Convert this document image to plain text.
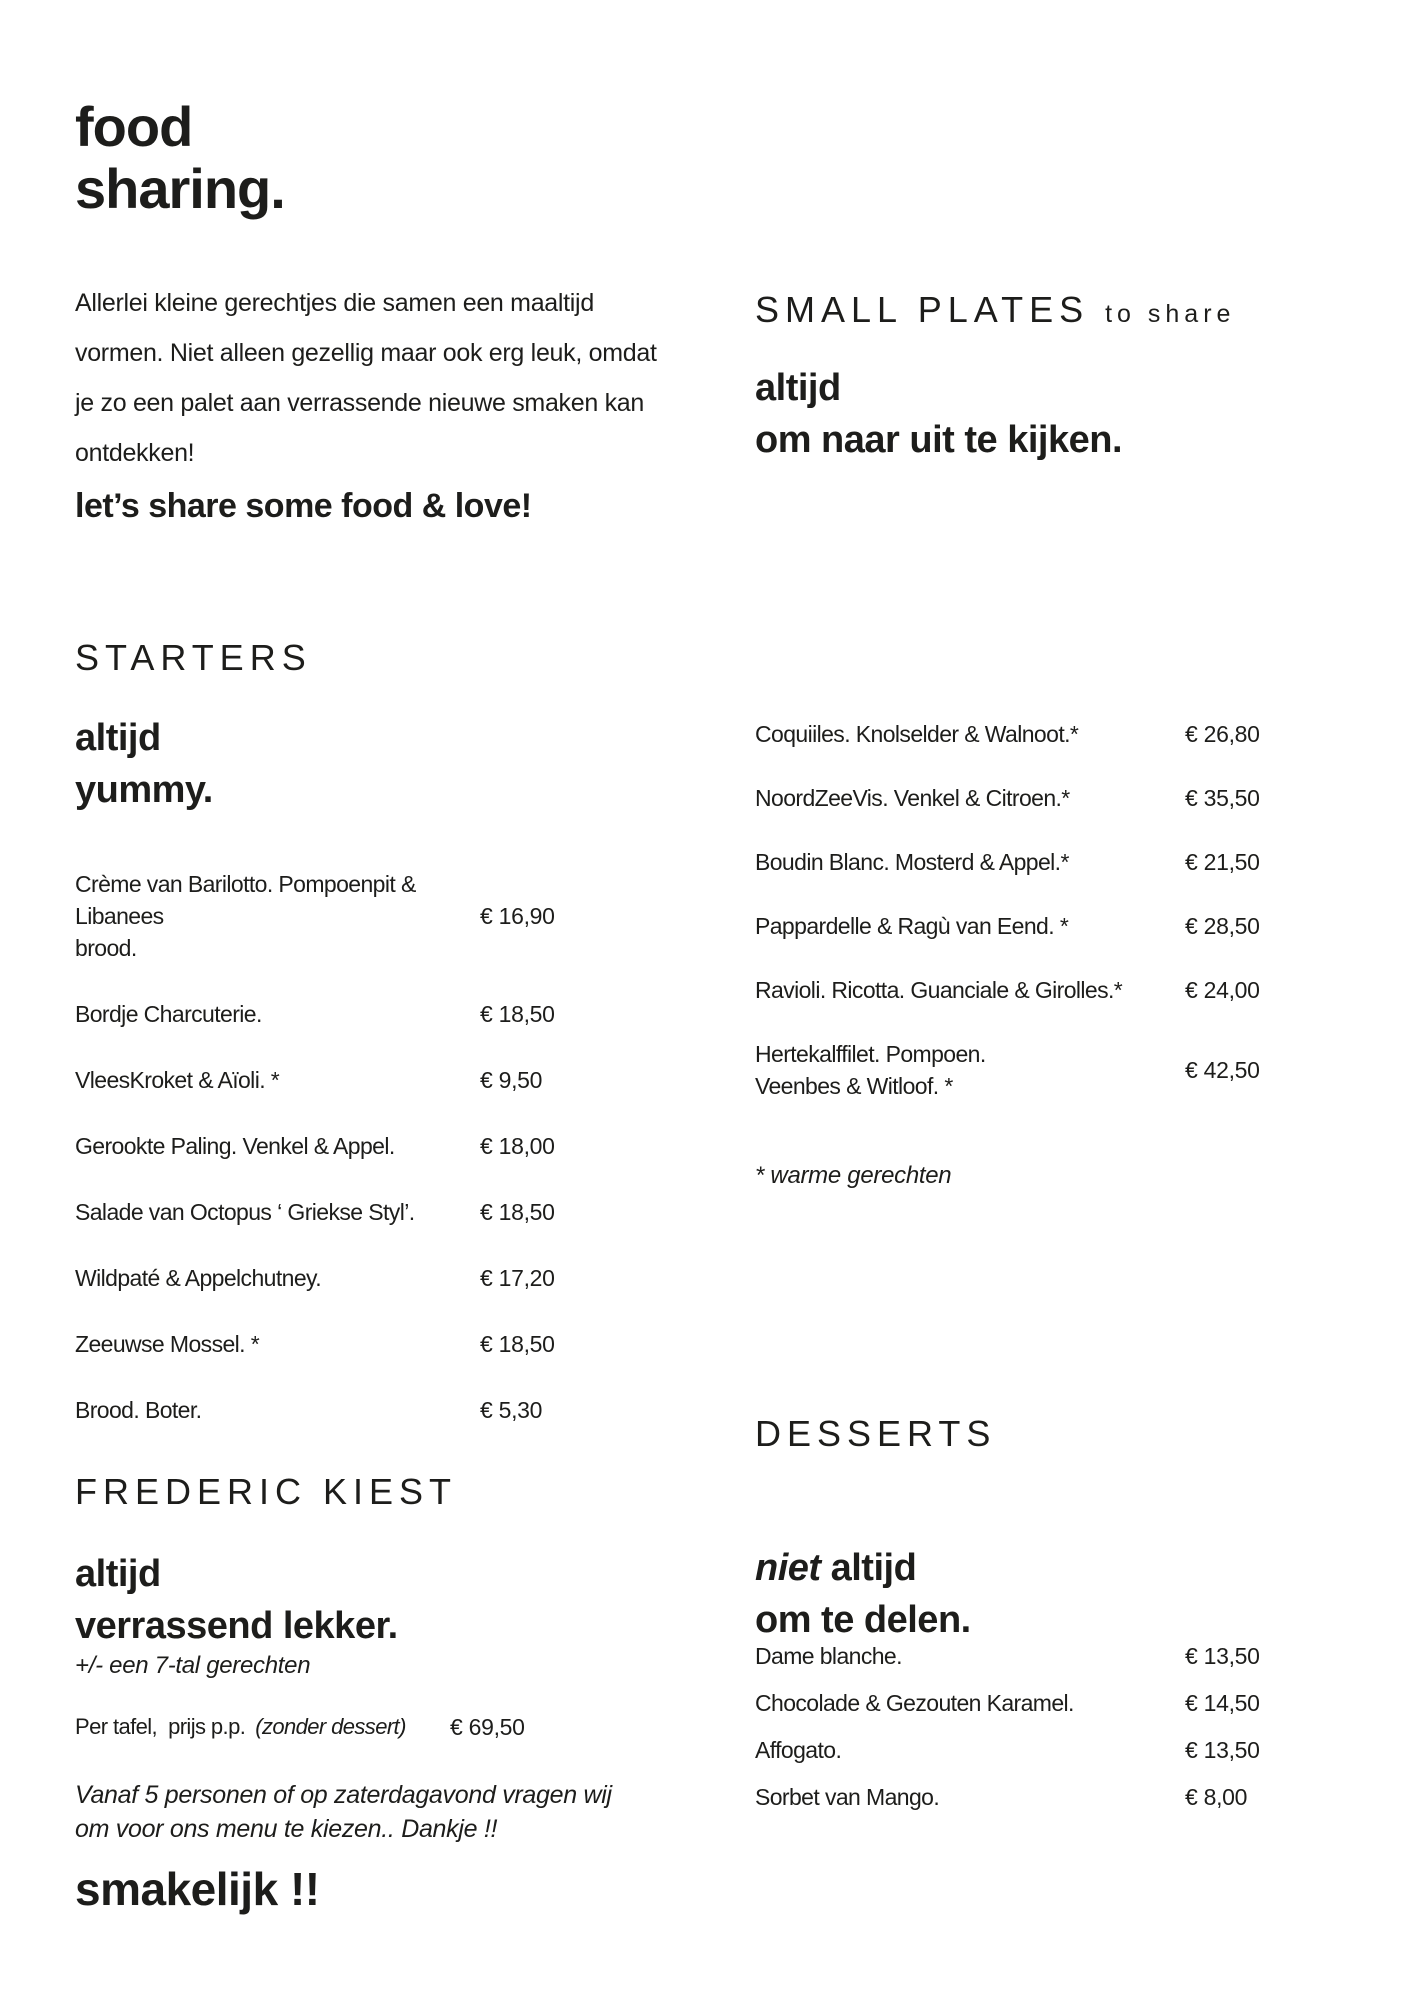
food
sharing.
Allerlei kleine gerechtjes die samen een maaltijd
vormen. Niet alleen gezellig maar ook erg leuk, omdat
je zo een palet aan verrassende nieuwe smaken kan
ontdekken!
let’s share some food & love!
STARTERS
altijd
yummy.
Crème van Barilotto. Pompoenpit & Libanees
brood.
€ 16,90
Bordje Charcuterie.	€ 18,50
VleesKroket & Aïoli. *	€ 9,50
Gerookte Paling. Venkel & Appel.	€ 18,00
Salade van Octopus ‘ Griekse Styl’.	€ 18,50
Wildpaté & Appelchutney.	€ 17,20
Zeeuwse Mossel. *	€ 18,50
Brood. Boter.	€ 5,30
FREDERIC KIEST
altijd
verrassend lekker.
+/- een 7-tal gerechten
Per tafel,  prijs p.p. (zonder dessert) € 69,50
Vanaf 5 personen of op zaterdagavond vragen wij
om voor ons menu te kiezen.. Dankje !!
smakelijk !!
SMALL PLATES to share
altijd
om naar uit te kijken.
Coquiiles. Knolselder & Walnoot.*	€ 26,80
NoordZeeVis. Venkel & Citroen.*	€ 35,50
Boudin Blanc. Mosterd & Appel.*	€ 21,50
Pappardelle & Ragù van Eend. *	€ 28,50
Ravioli. Ricotta. Guanciale & Girolles.*	€ 24,00
Hertekalffilet. Pompoen.
Veenbes & Witloof. *
€ 42,50
* warme gerechten
DESSERTS

niet altijd
om te delen.

Dame blanche.	€ 13,50
Chocolade & Gezouten Karamel.	€ 14,50
Affogato.	€ 13,50
Sorbet van Mango.	€ 8,00
